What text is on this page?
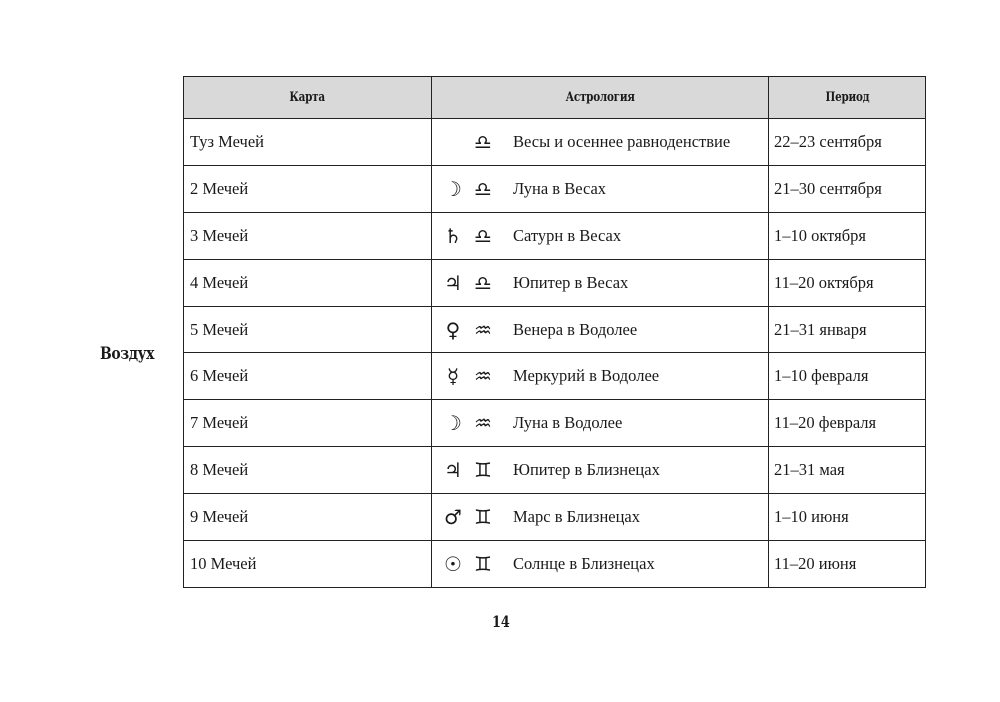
Воздух
Карта	Астрология	Период
Туз Мечей	♎ Весы и осеннее равноденствие	22–23 сентября
2 Мечей	☽ ♎ Луна в Весах	21–30 сентября
3 Мечей	♄ ♎ Сатурн в Весах	1–10 октября
4 Мечей	♃ ♎ Юпитер в Весах	11–20 октября
5 Мечей	♀ ♒ Венера в Водолее	21–31 января
6 Мечей	☿ ♒ Меркурий в Водолее	1–10 февраля
7 Мечей	☽ ♒ Луна в Водолее	11–20 февраля
8 Мечей	♃ ♊ Юпитер в Близнецах	21–31 мая
9 Мечей	♂ ♊ Марс в Близнецах	1–10 июня
10 Мечей	☉ ♊ Солнце в Близнецах	11–20 июня
14
